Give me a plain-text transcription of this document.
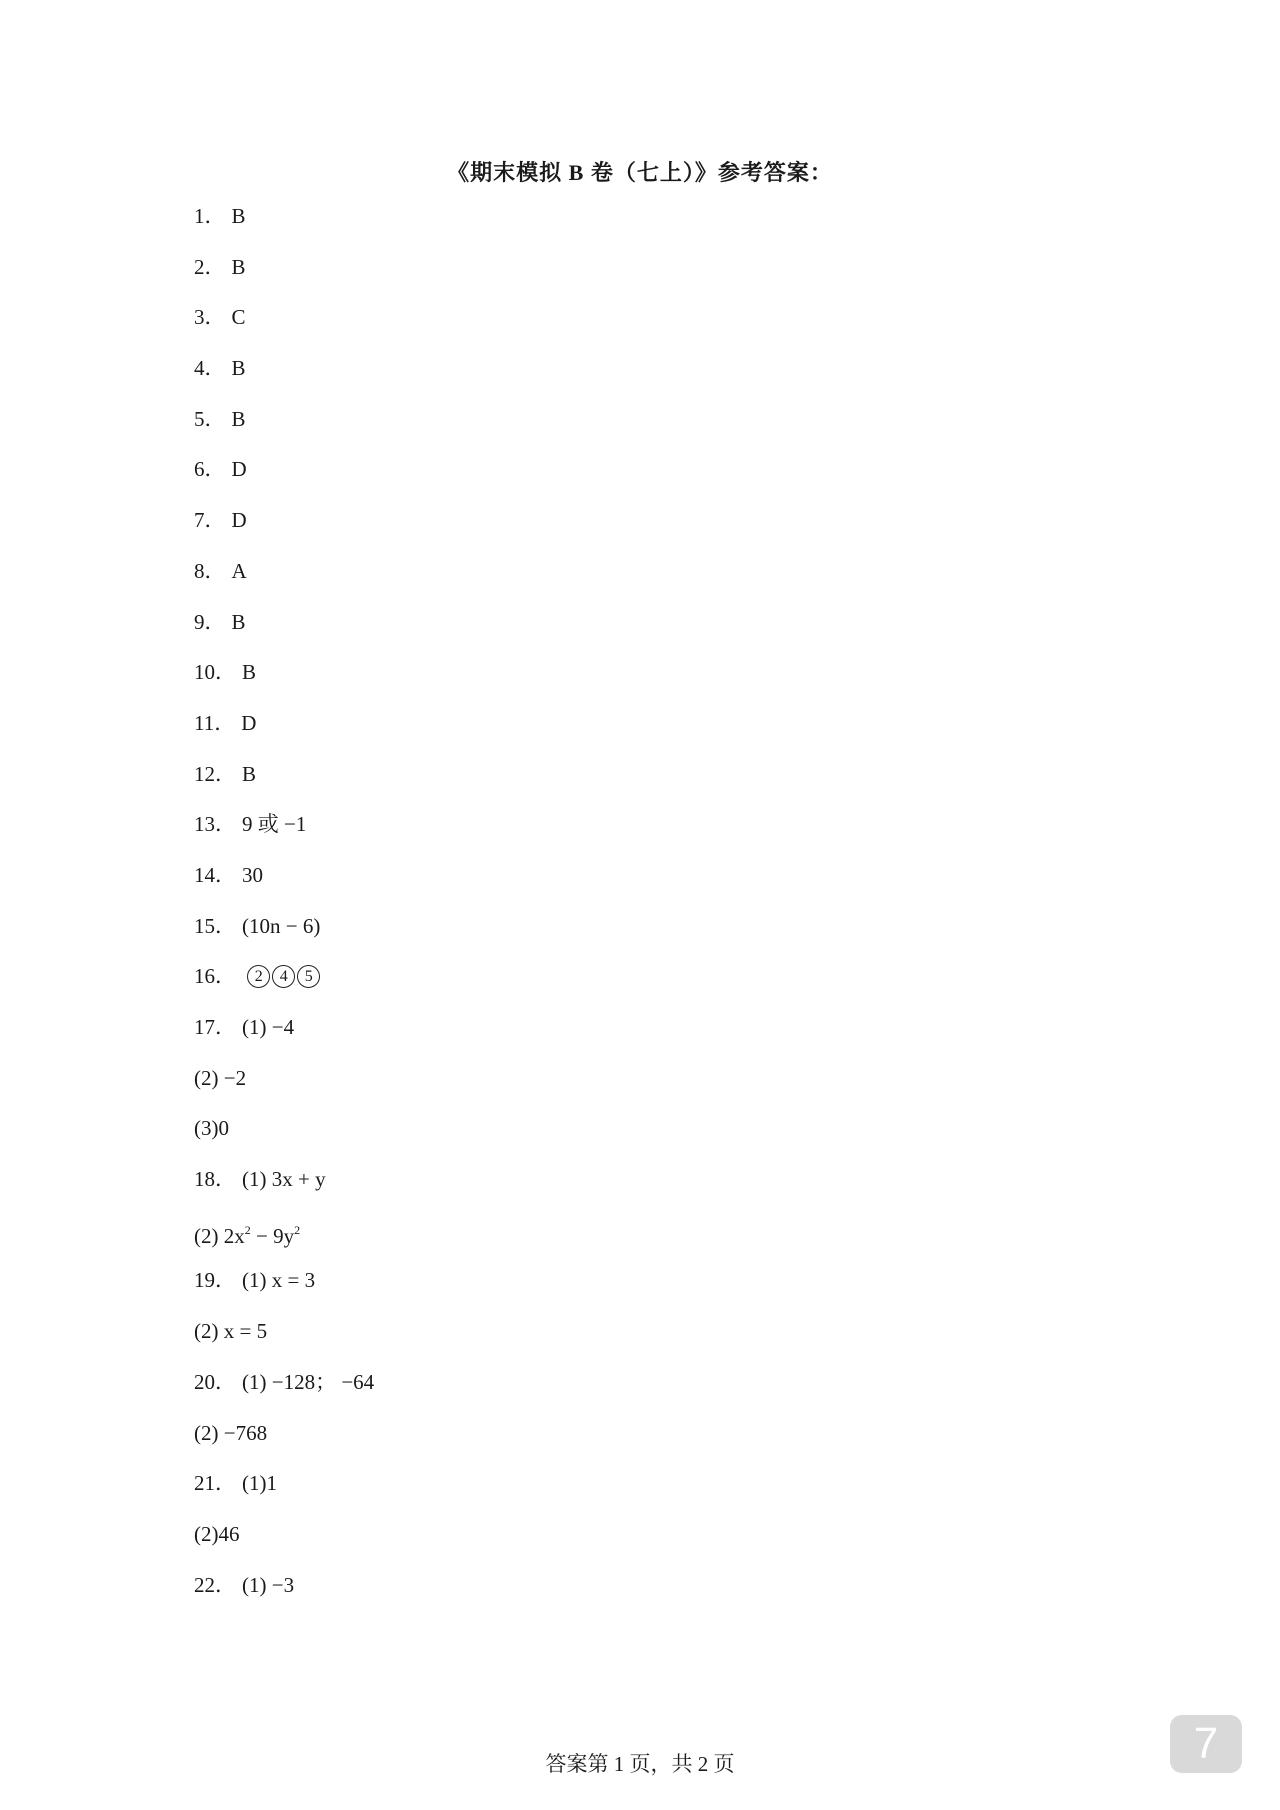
《期末模拟 B 卷（七上）》参考答案：
1． B
2． B
3． C
4． B
5． B
6． D
7． D
8． A
9． B
10． B
11． D
12． B
13． 9 或 −1
14． 30
15． (10n − 6)
16． 2 4 5
17． (1) −4
(2) −2
(3)0
18． (1) 3x + y
(2) $2x^2 - 9y^2$
19． (1) x = 3
(2) x = 5
20． (1) −128； −64
(2) −768
21． (1)1
(2)46
22． (1) −3
答案第 1 页，共 2 页	7
